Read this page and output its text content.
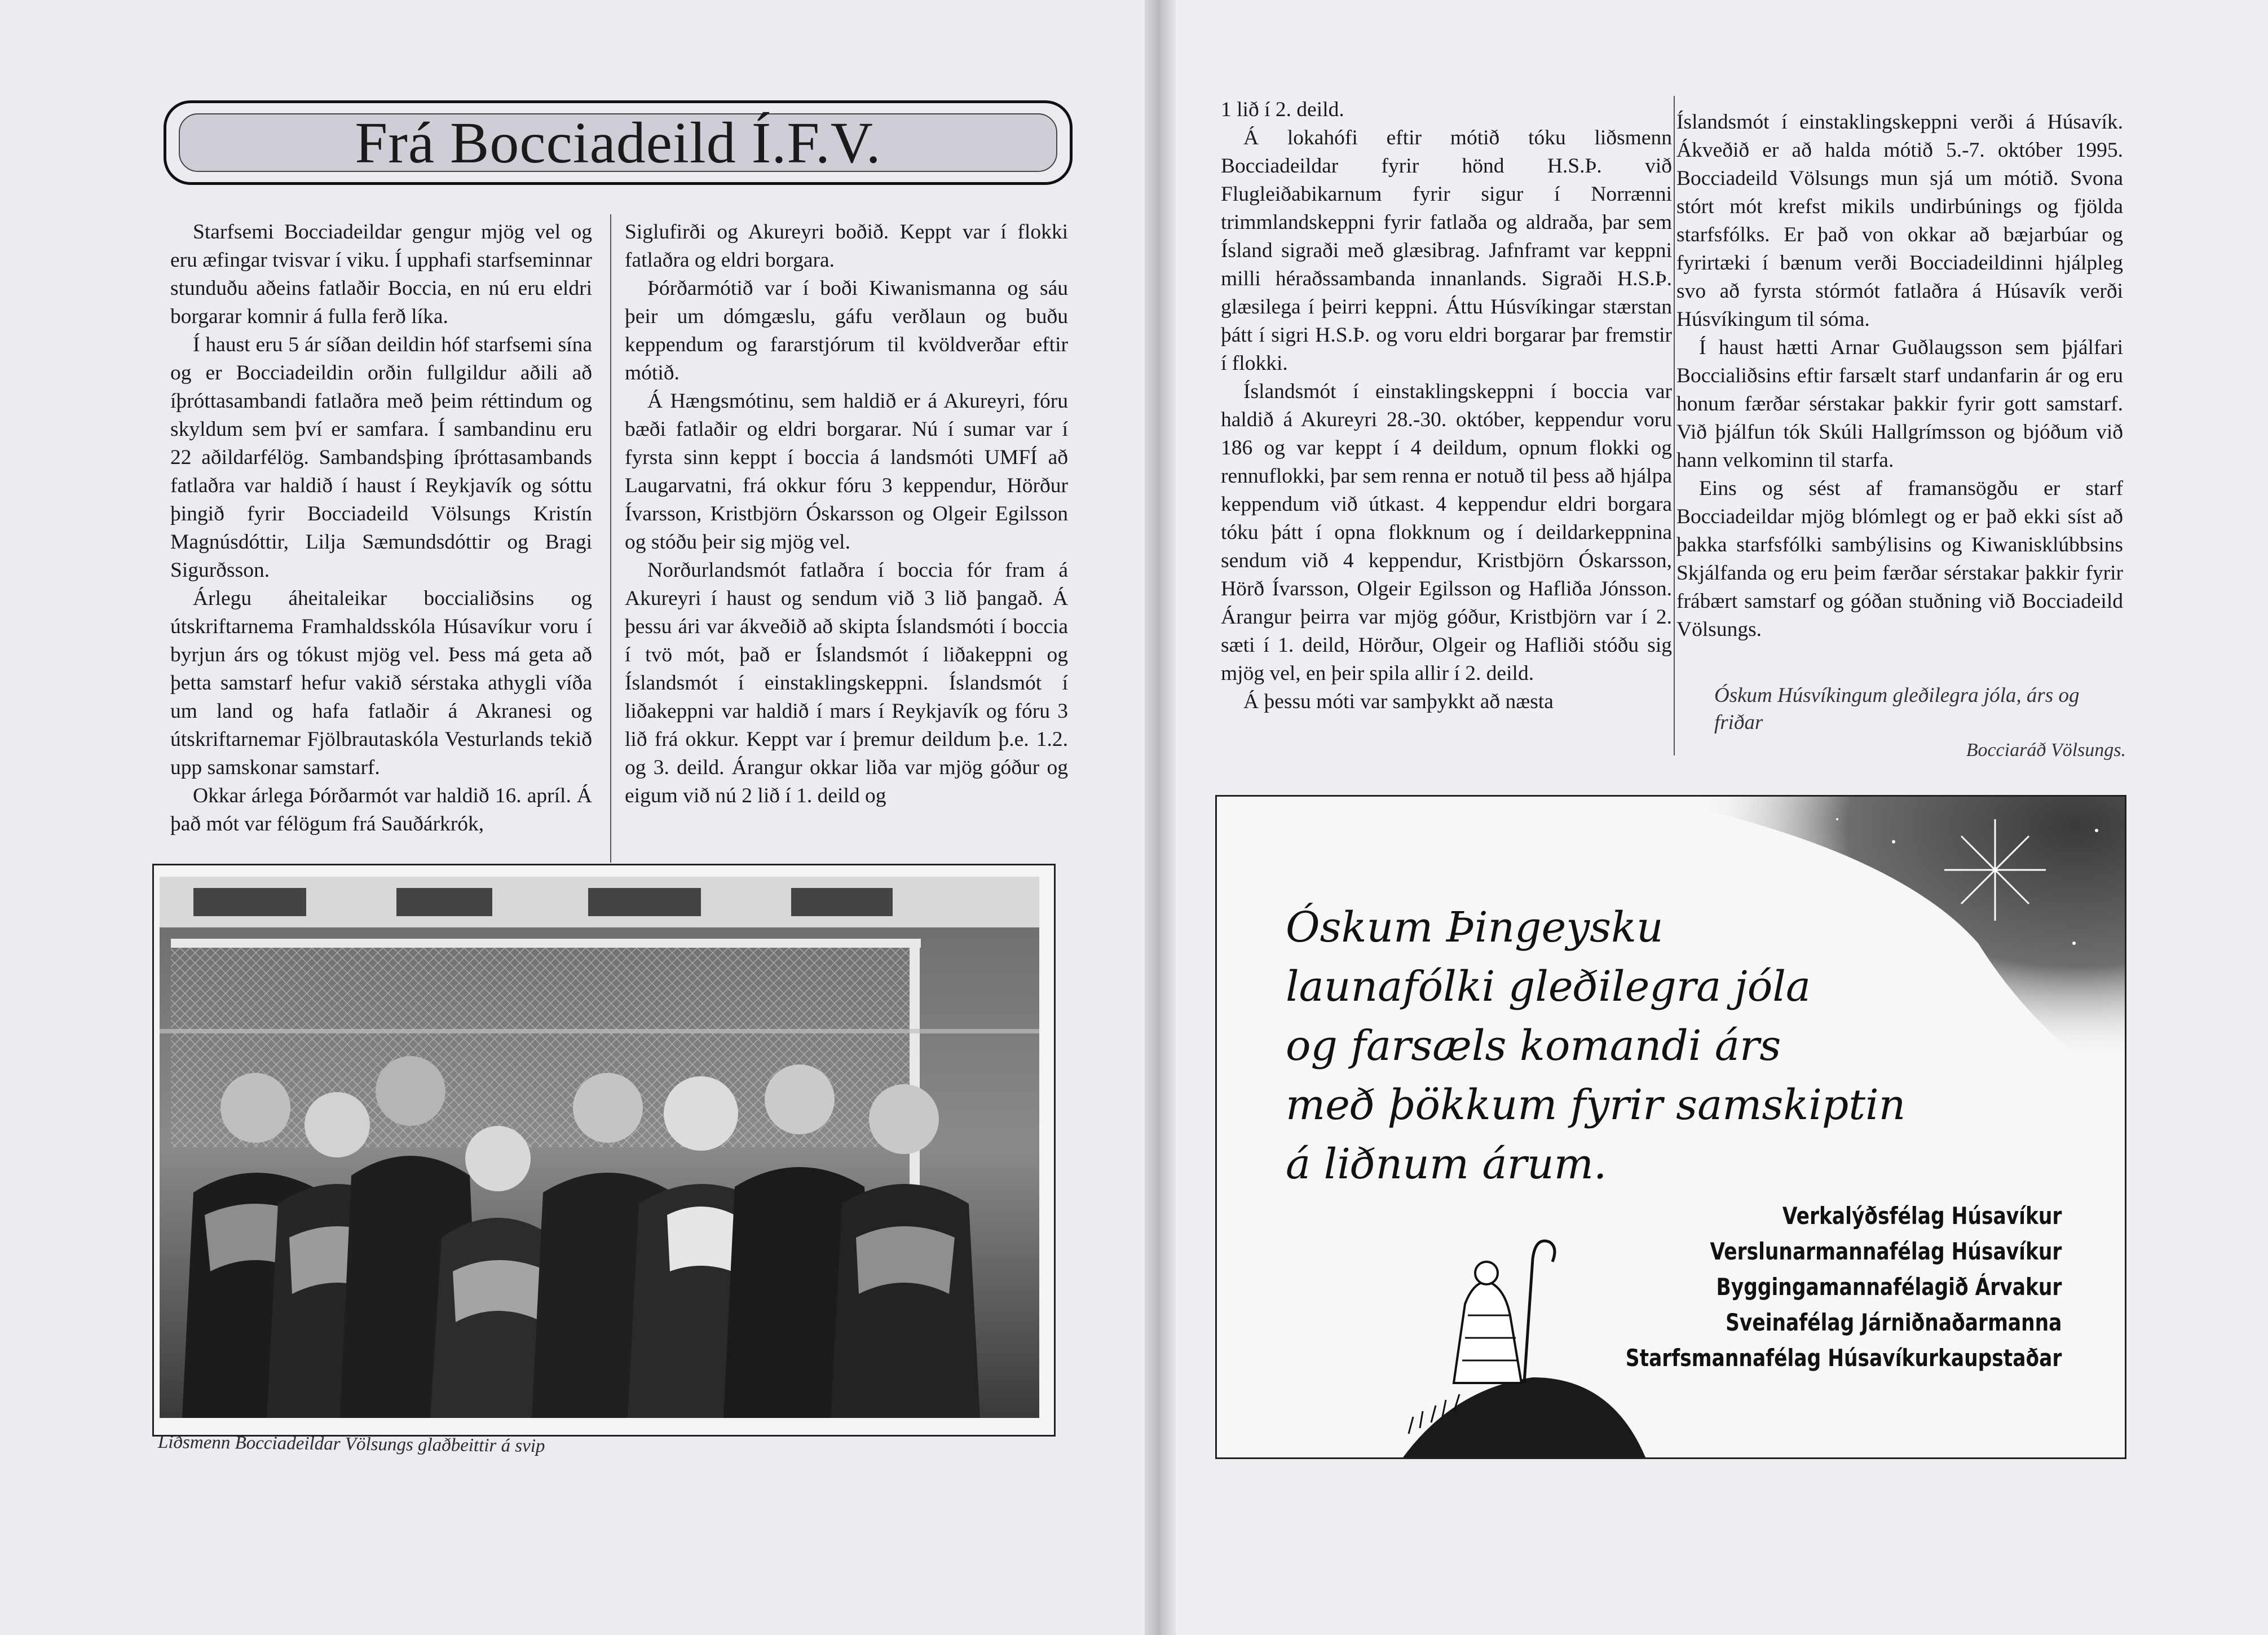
Frá Bocciadeild Í.F.V.

Starfsemi Bocciadeildar gengur mjög vel og eru æfingar tvisvar í viku. Í upphafi starfseminnar stunduðu aðeins fatlaðir Boccia, en nú eru eldri borgarar komnir á fulla ferð líka.

Í haust eru 5 ár síðan deildin hóf starfsemi sína og er Bocciadeildin orðin fullgildur aðili að íþróttasambandi fatlaðra með þeim réttindum og skyldum sem því er samfara. Í sambandinu eru 22 aðildarfélög. Sambandsþing íþróttasambands fatlaðra var haldið í haust í Reykjavík og sóttu þingið fyrir Bocciadeild Völsungs Kristín Magnúsdóttir, Lilja Sæmundsdóttir og Bragi Sigurðsson.

Árlegu áheitaleikar boccialiðsins og útskriftarnema Framhaldsskóla Húsavíkur voru í byrjun árs og tókust mjög vel. Þess má geta að þetta samstarf hefur vakið sérstaka athygli víða um land og hafa fatlaðir á Akranesi og útskriftarnemar Fjölbrautaskóla Vesturlands tekið upp samskonar samstarf.

Okkar árlega Þórðarmót var haldið 16. apríl. Á það mót var félögum frá Sauðárkrók,

Siglufirði og Akureyri boðið. Keppt var í flokki fatlaðra og eldri borgara.

Þórðarmótið var í boði Kiwanismanna og sáu þeir um dómgæslu, gáfu verðlaun og buðu keppendum og fararstjórum til kvöldverðar eftir mótið.

Á Hængsmótinu, sem haldið er á Akureyri, fóru bæði fatlaðir og eldri borgarar. Nú í sumar var í fyrsta sinn keppt í boccia á landsmóti UMFÍ að Laugarvatni, frá okkur fóru 3 keppendur, Hörður Ívarsson, Kristbjörn Óskarsson og Olgeir Egilsson og stóðu þeir sig mjög vel.

Norðurlandsmót fatlaðra í boccia fór fram á Akureyri í haust og sendum við 3 lið þangað. Á þessu ári var ákveðið að skipta Íslandsmóti í boccia í tvö mót, það er Íslandsmót í liðakeppni og Íslandsmót í einstaklingskeppni. Íslandsmót í liðakeppni var haldið í mars í Reykjavík og fóru 3 lið frá okkur. Keppt var í þremur deildum þ.e. 1.2. og 3. deild. Árangur okkar liða var mjög góður og eigum við nú 2 lið í 1. deild og

Liðsmenn Bocciadeildar Völsungs glaðbeittir á svip

1 lið í 2. deild.

Á lokahófi eftir mótið tóku liðsmenn Bocciadeildar fyrir hönd H.S.Þ. við Flugleiðabikarnum fyrir sigur í Norrænni trimmlandskeppni fyrir fatlaða og aldraða, þar sem Ísland sigraði með glæsibrag. Jafnframt var keppni milli héraðssambanda innanlands. Sigraði H.S.Þ. glæsilega í þeirri keppni. Áttu Húsvíkingar stærstan þátt í sigri H.S.Þ. og voru eldri borgarar þar fremstir í flokki.

Íslandsmót í einstaklingskeppni í boccia var haldið á Akureyri 28.-30. október, keppendur voru 186 og var keppt í 4 deildum, opnum flokki og rennuflokki, þar sem renna er notuð til þess að hjálpa keppendum við útkast. 4 keppendur eldri borgara tóku þátt í opna flokknum og í deildarkeppnina sendum við 4 keppendur, Kristbjörn Óskarsson, Hörð Ívarsson, Olgeir Egilsson og Hafliða Jónsson. Árangur þeirra var mjög góður, Kristbjörn var í 2. sæti í 1. deild, Hörður, Olgeir og Hafliði stóðu sig mjög vel, en þeir spila allir í 2. deild.

Á þessu móti var samþykkt að næsta

Íslandsmót í einstaklingskeppni verði á Húsavík. Ákveðið er að halda mótið 5.-7. október 1995. Bocciadeild Völsungs mun sjá um mótið. Svona stórt mót krefst mikils undirbúnings og fjölda starfsfólks. Er það von okkar að bæjarbúar og fyrirtæki í bænum verði Bocciadeildinni hjálpleg svo að fyrsta stórmót fatlaðra á Húsavík verði Húsvíkingum til sóma.

Í haust hætti Arnar Guðlaugsson sem þjálfari Boccialiðsins eftir farsælt starf undanfarin ár og eru honum færðar sérstakar þakkir fyrir gott samstarf. Við þjálfun tók Skúli Hallgrímsson og bjóðum við hann velkominn til starfa.

Eins og sést af framansögðu er starf Bocciadeildar mjög blómlegt og er það ekki síst að þakka starfsfólki sambýlisins og Kiwanisklúbbsins Skjálfanda og eru þeim færðar sérstakar þakkir fyrir frábært samstarf og góðan stuðning við Bocciadeild Völsungs.

Óskum Húsvíkingum gleðilegra jóla, árs og friðar
Bocciaráð Völsungs.
Óskum Þingeysku
launafólki gleðilegra jóla
og farsæls komandi árs
með þökkum fyrir samskiptin
á liðnum árum.
Verkalýðsfélag Húsavíkur
Verslunarmannafélag Húsavíkur
Byggingamannafélagið Árvakur
Sveinafélag Járniðnaðarmanna
Starfsmannafélag Húsavíkurkaupstaðar
